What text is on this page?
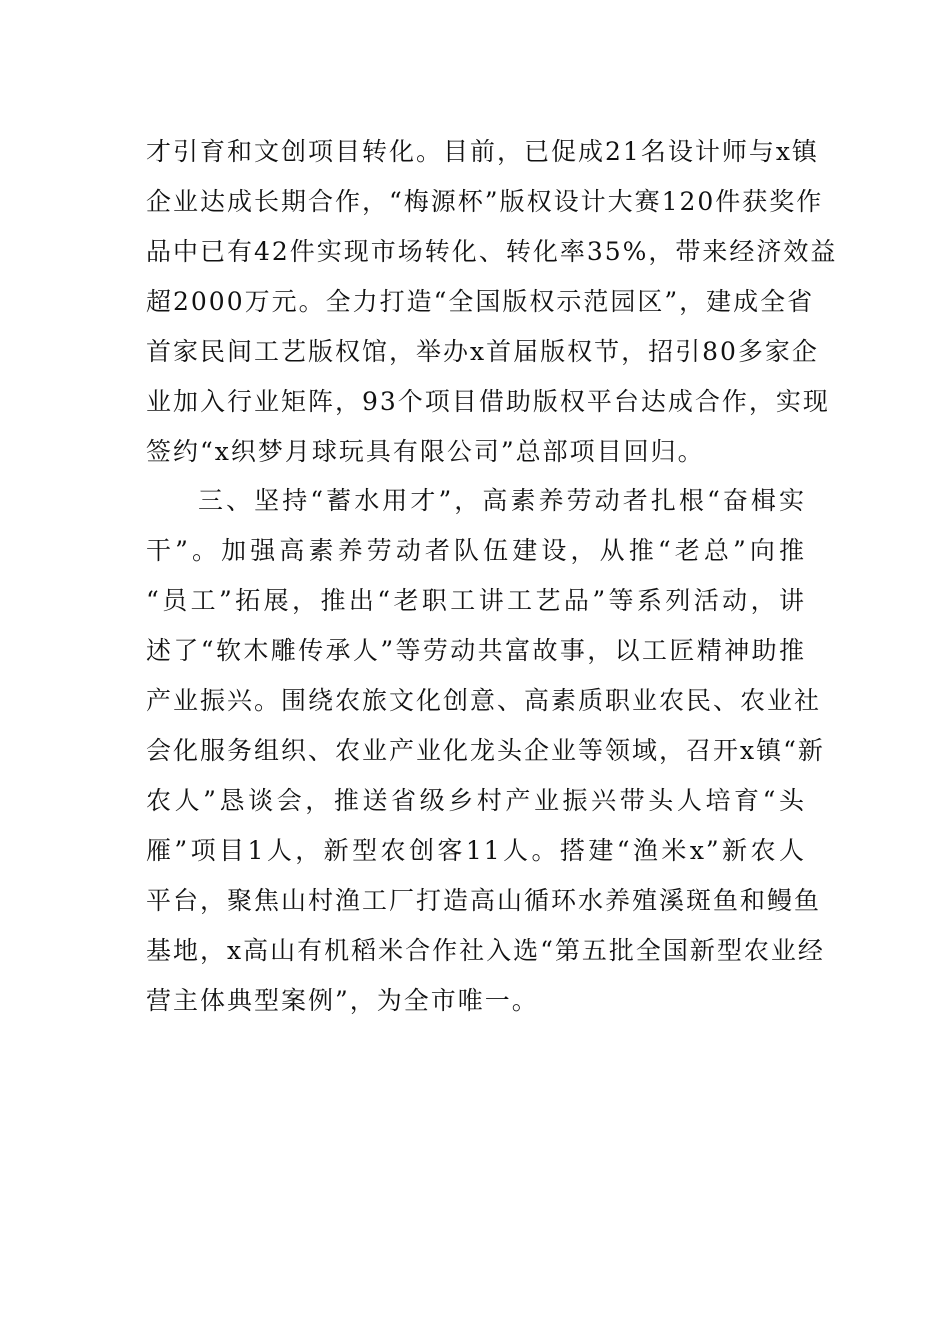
才引育和文创项目转化。目前，已促成21名设计师与x镇
企业达成长期合作，“梅源杯”版权设计大赛120件获奖作
品中已有42件实现市场转化、转化率35%，带来经济效益
超2000万元。全力打造“全国版权示范园区”，建成全省
首家民间工艺版权馆，举办x首届版权节，招引80多家企
业加入行业矩阵，93个项目借助版权平台达成合作，实现
签约“x织梦月球玩具有限公司”总部项目回归。
三、坚持“蓄水用才”，高素养劳动者扎根“奋楫实
干”。加强高素养劳动者队伍建设，从推“老总”向推
“员工”拓展，推出“老职工讲工艺品”等系列活动，讲
述了“软木雕传承人”等劳动共富故事，以工匠精神助推
产业振兴。围绕农旅文化创意、高素质职业农民、农业社
会化服务组织、农业产业化龙头企业等领域，召开x镇“新
农人”恳谈会，推送省级乡村产业振兴带头人培育“头
雁”项目1人，新型农创客11人。搭建“渔米x”新农人
平台，聚焦山村渔工厂打造高山循环水养殖溪斑鱼和鳗鱼
基地，x高山有机稻米合作社入选“第五批全国新型农业经
营主体典型案例”，为全市唯一。
